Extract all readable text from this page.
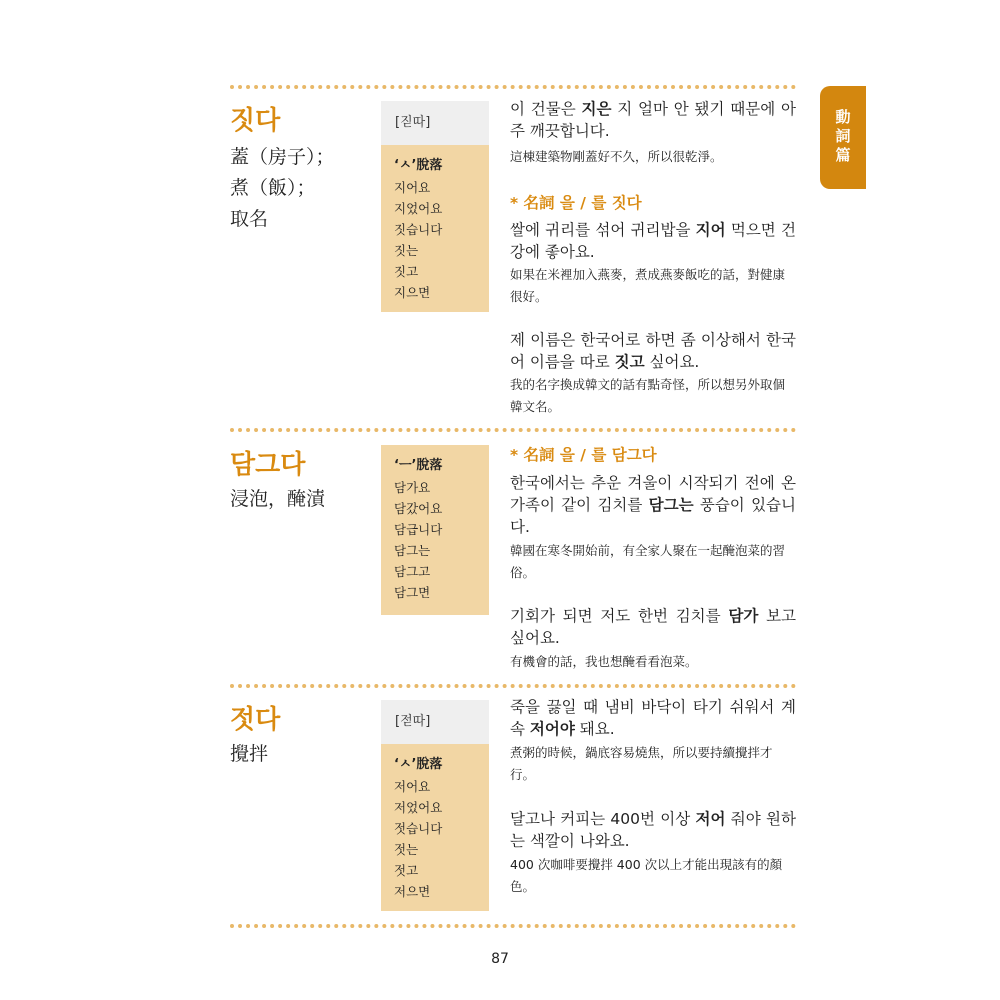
動
詞
篇
짓다
蓋（房子）；
煮（飯）；
取名
[짇따]
‘ㅅ’脫落
지어요
지었어요
짓습니다
짓는
짓고
지으면
이 건물은 지은 지 얼마 안 됐기 때문에 아주 깨끗합니다.
這棟建築物剛蓋好不久，所以很乾淨。
* 名詞 을 / 를 짓다
쌀에 귀리를 섞어 귀리밥을 지어 먹으면 건강에 좋아요.
如果在米裡加入燕麥，煮成燕麥飯吃的話，對健康很好。
제 이름은 한국어로 하면 좀 이상해서 한국어 이름을 따로 짓고 싶어요.
我的名字換成韓文的話有點奇怪，所以想另外取個韓文名。
담그다
浸泡，醃漬
‘ㅡ’脫落
담가요
담갔어요
담급니다
담그는
담그고
담그면
* 名詞 을 / 를 담그다
한국에서는 추운 겨울이 시작되기 전에 온 가족이 같이 김치를 담그는 풍습이 있습니다.
韓國在寒冬開始前，有全家人聚在一起醃泡菜的習俗。
기회가 되면 저도 한번 김치를 담가 보고 싶어요.
有機會的話，我也想醃看看泡菜。
젓다
攪拌
[젇따]
‘ㅅ’脫落
저어요
저었어요
젓습니다
젓는
젓고
저으면
죽을 끓일 때 냄비 바닥이 타기 쉬워서 계속 저어야 돼요.
煮粥的時候，鍋底容易燒焦，所以要持續攪拌才行。
달고나 커피는 400번 이상 저어 줘야 원하는 색깔이 나와요.
400 次咖啡要攪拌 400 次以上才能出現該有的顏色。
87
